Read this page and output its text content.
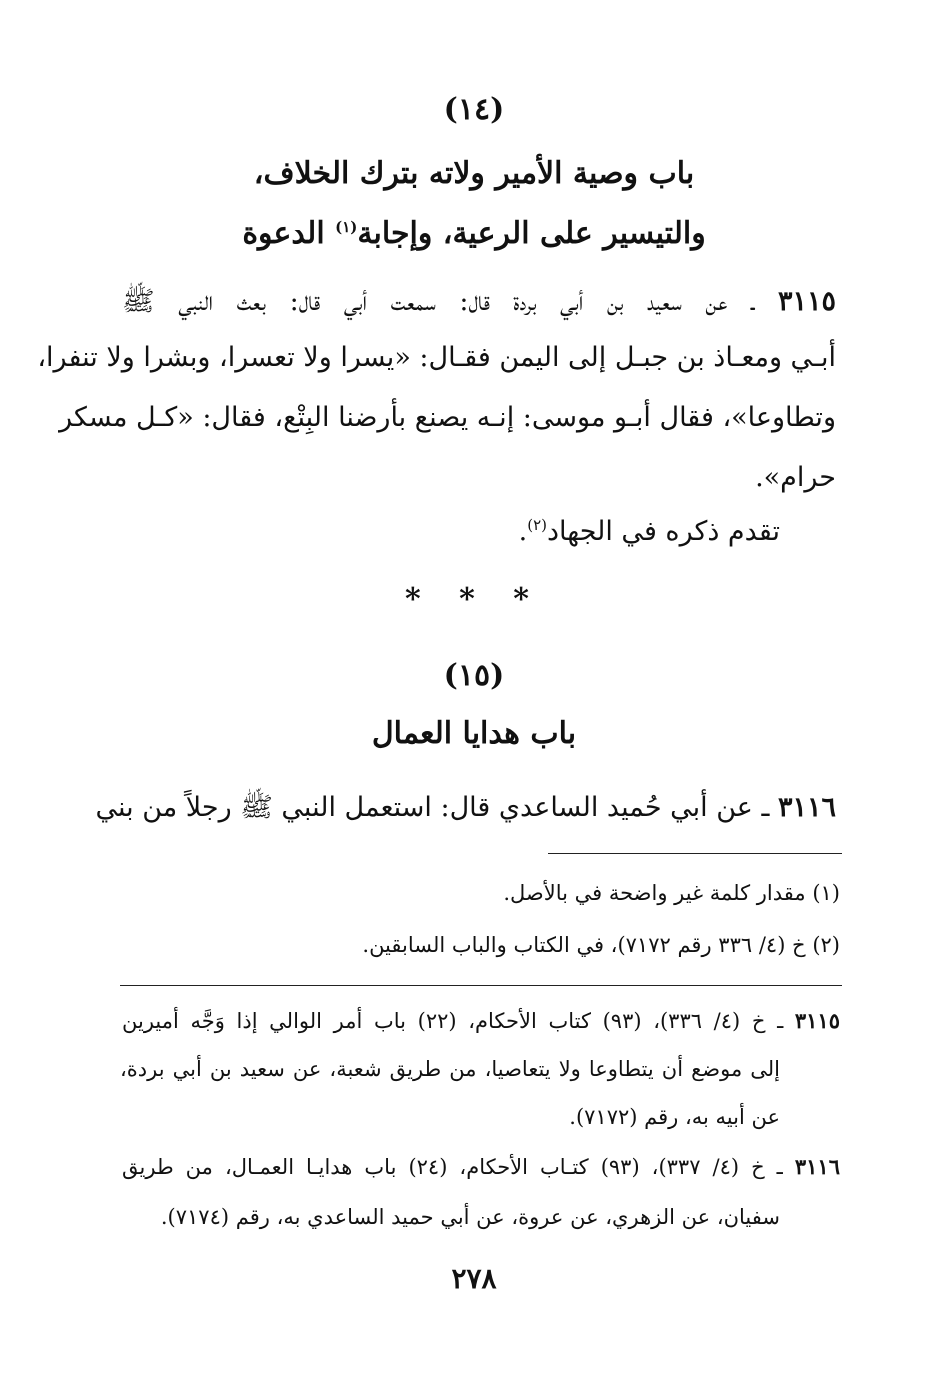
(١٤)
باب وصية الأمير ولاته بترك الخلاف،
والتيسير على الرعية، وإجابة$^{(١)}$ الدعوة
٣١١٥ ـ عن سعيد بن أبي بردة قال: سمعت أبي قال: بعث النبي ﷺ
أبـي ومعـاذ بن جبـل إلى اليمن فقـال: «يسرا ولا تعسرا، وبشرا ولا تنفرا،
وتطاوعا»، فقال أبـو موسى: إنـه يصنع بأرضنا البِتْع، فقال: «كـل مسكر
حرام».
تقدم ذكره في الجهاد$^{(٢)}$.
* * *
(١٥)
باب هدايا العمال
٣١١٦ ـ عن أبي حُميد الساعدي قال: استعمل النبي ﷺ رجلاً من بني
(١) مقدار كلمة غير واضحة في بالأصل.
(٢) خ (٤/ ٣٣٦ رقم ٧١٧٢)، في الكتاب والباب السابقين.
٣١١٥ ـ خ (٤/ ٣٣٦)، (٩٣) كتاب الأحكام، (٢٢) باب أمر الوالي إذا وَجَّه أميرين
إلى موضع أن يتطاوعا ولا يتعاصيا، من طريق شعبة، عن سعيد بن أبي بردة،
عن أبيه به، رقم (٧١٧٢).
٣١١٦ ـ خ (٤/ ٣٣٧)، (٩٣) كتـاب الأحكام، (٢٤) باب هدايـا العمـال، من طريق
سفيان، عن الزهري، عن عروة، عن أبي حميد الساعدي به، رقم (٧١٧٤).
٢٧٨
